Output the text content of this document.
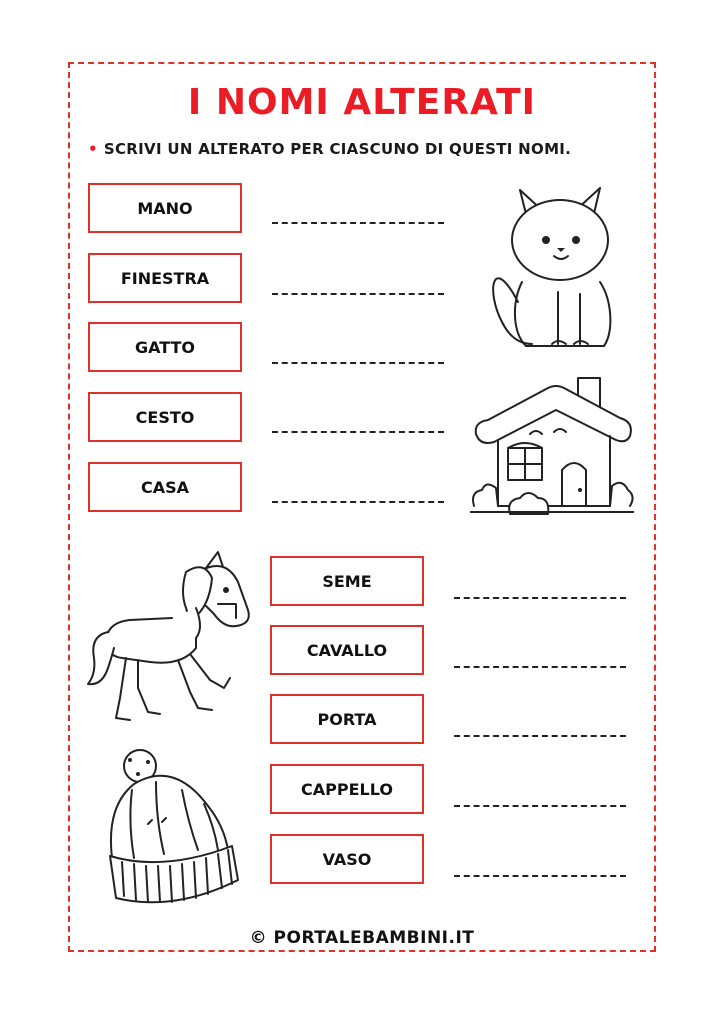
I NOMI ALTERATI
• SCRIVI UN ALTERATO PER CIASCUNO DI QUESTI NOMI.
MANO
FINESTRA
GATTO
CESTO
CASA
SEME
CAVALLO
PORTA
CAPPELLO
VASO
© PORTALEBAMBINI.IT
